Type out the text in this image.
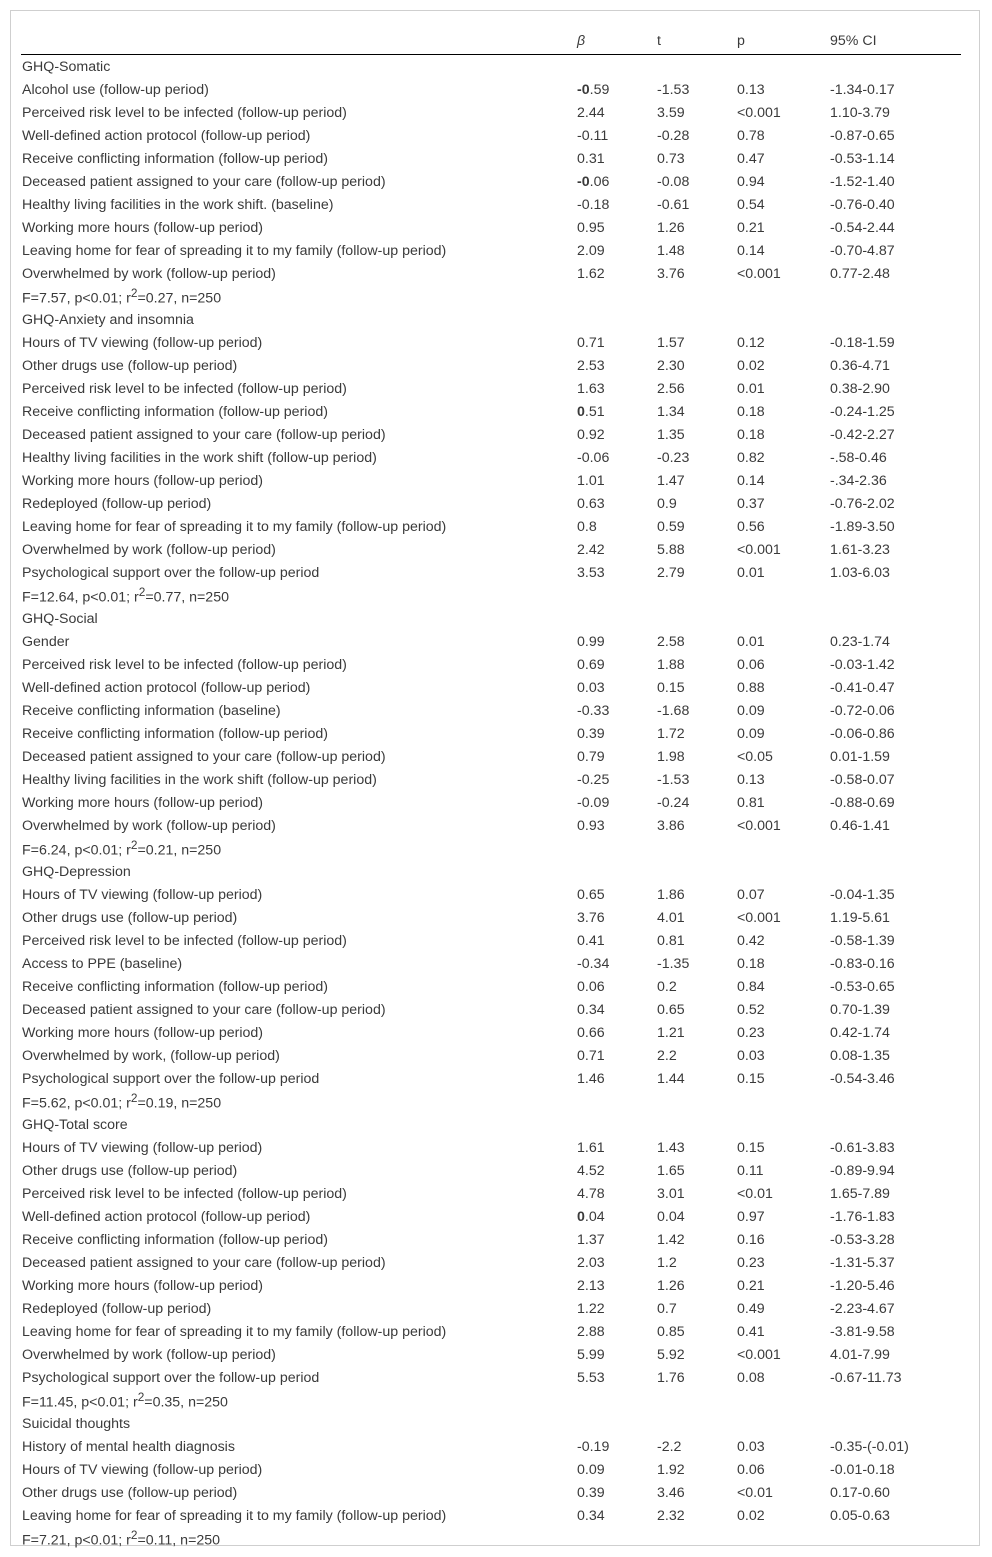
	β	t	p	95% CI
GHQ-Somatic				
Alcohol use (follow-up period)	-0.59	-1.53	0.13	-1.34-0.17
Perceived risk level to be infected (follow-up period)	2.44	3.59	<0.001	1.10-3.79
Well-defined action protocol (follow-up period)	-0.11	-0.28	0.78	-0.87-0.65
Receive conflicting information (follow-up period)	0.31	0.73	0.47	-0.53-1.14
Deceased patient assigned to your care (follow-up period)	-0.06	-0.08	0.94	-1.52-1.40
Healthy living facilities in the work shift. (baseline)	-0.18	-0.61	0.54	-0.76-0.40
Working more hours (follow-up period)	0.95	1.26	0.21	-0.54-2.44
Leaving home for fear of spreading it to my family (follow-up period)	2.09	1.48	0.14	-0.70-4.87
Overwhelmed by work (follow-up period)	1.62	3.76	<0.001	0.77-2.48
F=7.57, p<0.01; $r^2=0.27$, n=250				
GHQ-Anxiety and insomnia				
Hours of TV viewing (follow-up period)	0.71	1.57	0.12	-0.18-1.59
Other drugs use (follow-up period)	2.53	2.30	0.02	0.36-4.71
Perceived risk level to be infected (follow-up period)	1.63	2.56	0.01	0.38-2.90
Receive conflicting information (follow-up period)	0.51	1.34	0.18	-0.24-1.25
Deceased patient assigned to your care (follow-up period)	0.92	1.35	0.18	-0.42-2.27
Healthy living facilities in the work shift (follow-up period)	-0.06	-0.23	0.82	-.58-0.46
Working more hours (follow-up period)	1.01	1.47	0.14	-.34-2.36
Redeployed (follow-up period)	0.63	0.9	0.37	-0.76-2.02
Leaving home for fear of spreading it to my family (follow-up period)	0.8	0.59	0.56	-1.89-3.50
Overwhelmed by work (follow-up period)	2.42	5.88	<0.001	1.61-3.23
Psychological support over the follow-up period	3.53	2.79	0.01	1.03-6.03
F=12.64, p<0.01; $r^2=0.77$, n=250				
GHQ-Social				
Gender	0.99	2.58	0.01	0.23-1.74
Perceived risk level to be infected (follow-up period)	0.69	1.88	0.06	-0.03-1.42
Well-defined action protocol (follow-up period)	0.03	0.15	0.88	-0.41-0.47
Receive conflicting information (baseline)	-0.33	-1.68	0.09	-0.72-0.06
Receive conflicting information (follow-up period)	0.39	1.72	0.09	-0.06-0.86
Deceased patient assigned to your care (follow-up period)	0.79	1.98	<0.05	0.01-1.59
Healthy living facilities in the work shift (follow-up period)	-0.25	-1.53	0.13	-0.58-0.07
Working more hours (follow-up period)	-0.09	-0.24	0.81	-0.88-0.69
Overwhelmed by work (follow-up period)	0.93	3.86	<0.001	0.46-1.41
F=6.24, p<0.01; $r^2=0.21$, n=250				
GHQ-Depression				
Hours of TV viewing (follow-up period)	0.65	1.86	0.07	-0.04-1.35
Other drugs use (follow-up period)	3.76	4.01	<0.001	1.19-5.61
Perceived risk level to be infected (follow-up period)	0.41	0.81	0.42	-0.58-1.39
Access to PPE (baseline)	-0.34	-1.35	0.18	-0.83-0.16
Receive conflicting information (follow-up period)	0.06	0.2	0.84	-0.53-0.65
Deceased patient assigned to your care (follow-up period)	0.34	0.65	0.52	0.70-1.39
Working more hours (follow-up period)	0.66	1.21	0.23	0.42-1.74
Overwhelmed by work, (follow-up period)	0.71	2.2	0.03	0.08-1.35
Psychological support over the follow-up period	1.46	1.44	0.15	-0.54-3.46
F=5.62, p<0.01; $r^2=0.19$, n=250				
GHQ-Total score				
Hours of TV viewing (follow-up period)	1.61	1.43	0.15	-0.61-3.83
Other drugs use (follow-up period)	4.52	1.65	0.11	-0.89-9.94
Perceived risk level to be infected (follow-up period)	4.78	3.01	<0.01	1.65-7.89
Well-defined action protocol (follow-up period)	0.04	0.04	0.97	-1.76-1.83
Receive conflicting information (follow-up period)	1.37	1.42	0.16	-0.53-3.28
Deceased patient assigned to your care (follow-up period)	2.03	1.2	0.23	-1.31-5.37
Working more hours (follow-up period)	2.13	1.26	0.21	-1.20-5.46
Redeployed (follow-up period)	1.22	0.7	0.49	-2.23-4.67
Leaving home for fear of spreading it to my family (follow-up period)	2.88	0.85	0.41	-3.81-9.58
Overwhelmed by work (follow-up period)	5.99	5.92	<0.001	4.01-7.99
Psychological support over the follow-up period	5.53	1.76	0.08	-0.67-11.73
F=11.45, p<0.01; $r^2=0.35$, n=250				
Suicidal thoughts				
History of mental health diagnosis	-0.19	-2.2	0.03	-0.35-(-0.01)
Hours of TV viewing (follow-up period)	0.09	1.92	0.06	-0.01-0.18
Other drugs use (follow-up period)	0.39	3.46	<0.01	0.17-0.60
Leaving home for fear of spreading it to my family (follow-up period)	0.34	2.32	0.02	0.05-0.63
F=7.21, p<0.01; $r^2=0.11$, n=250				
